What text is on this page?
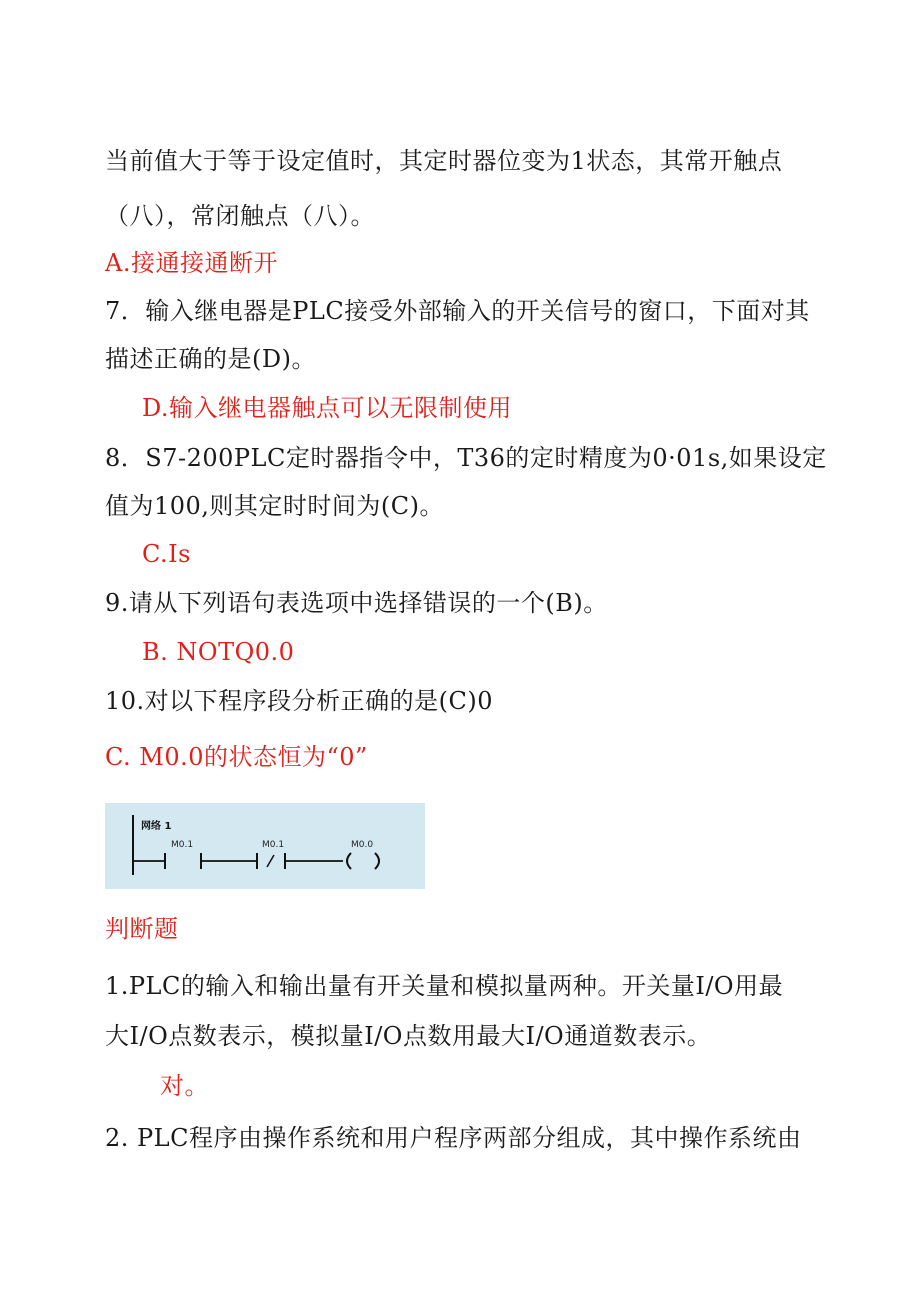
当前值大于等于设定值时，其定时器位变为1状态，其常开触点
（八），常闭触点（八）。
A.接通接通断开
7．输入继电器是PLC接受外部输入的开关信号的窗口，下面对其
描述正确的是(D)。
D.输入继电器触点可以无限制使用
8．S7-200PLC定时器指令中，T36的定时精度为0·01s,如果设定
值为100,则其定时时间为(C)。
C.Is
9.请从下列语句表选项中选择错误的一个(B)。
B. NOTQ0.0
10.对以下程序段分析正确的是(C)0
C. M0.0的状态恒为“0”
网络 1
M0.1	M0.1	M0.0
判断题
1.PLC的输入和输出量有开关量和模拟量两种。开关量I/O用最
大I/O点数表示，模拟量I/O点数用最大I/O通道数表示。
对。
2. PLC程序由操作系统和用户程序两部分组成，其中操作系统由
